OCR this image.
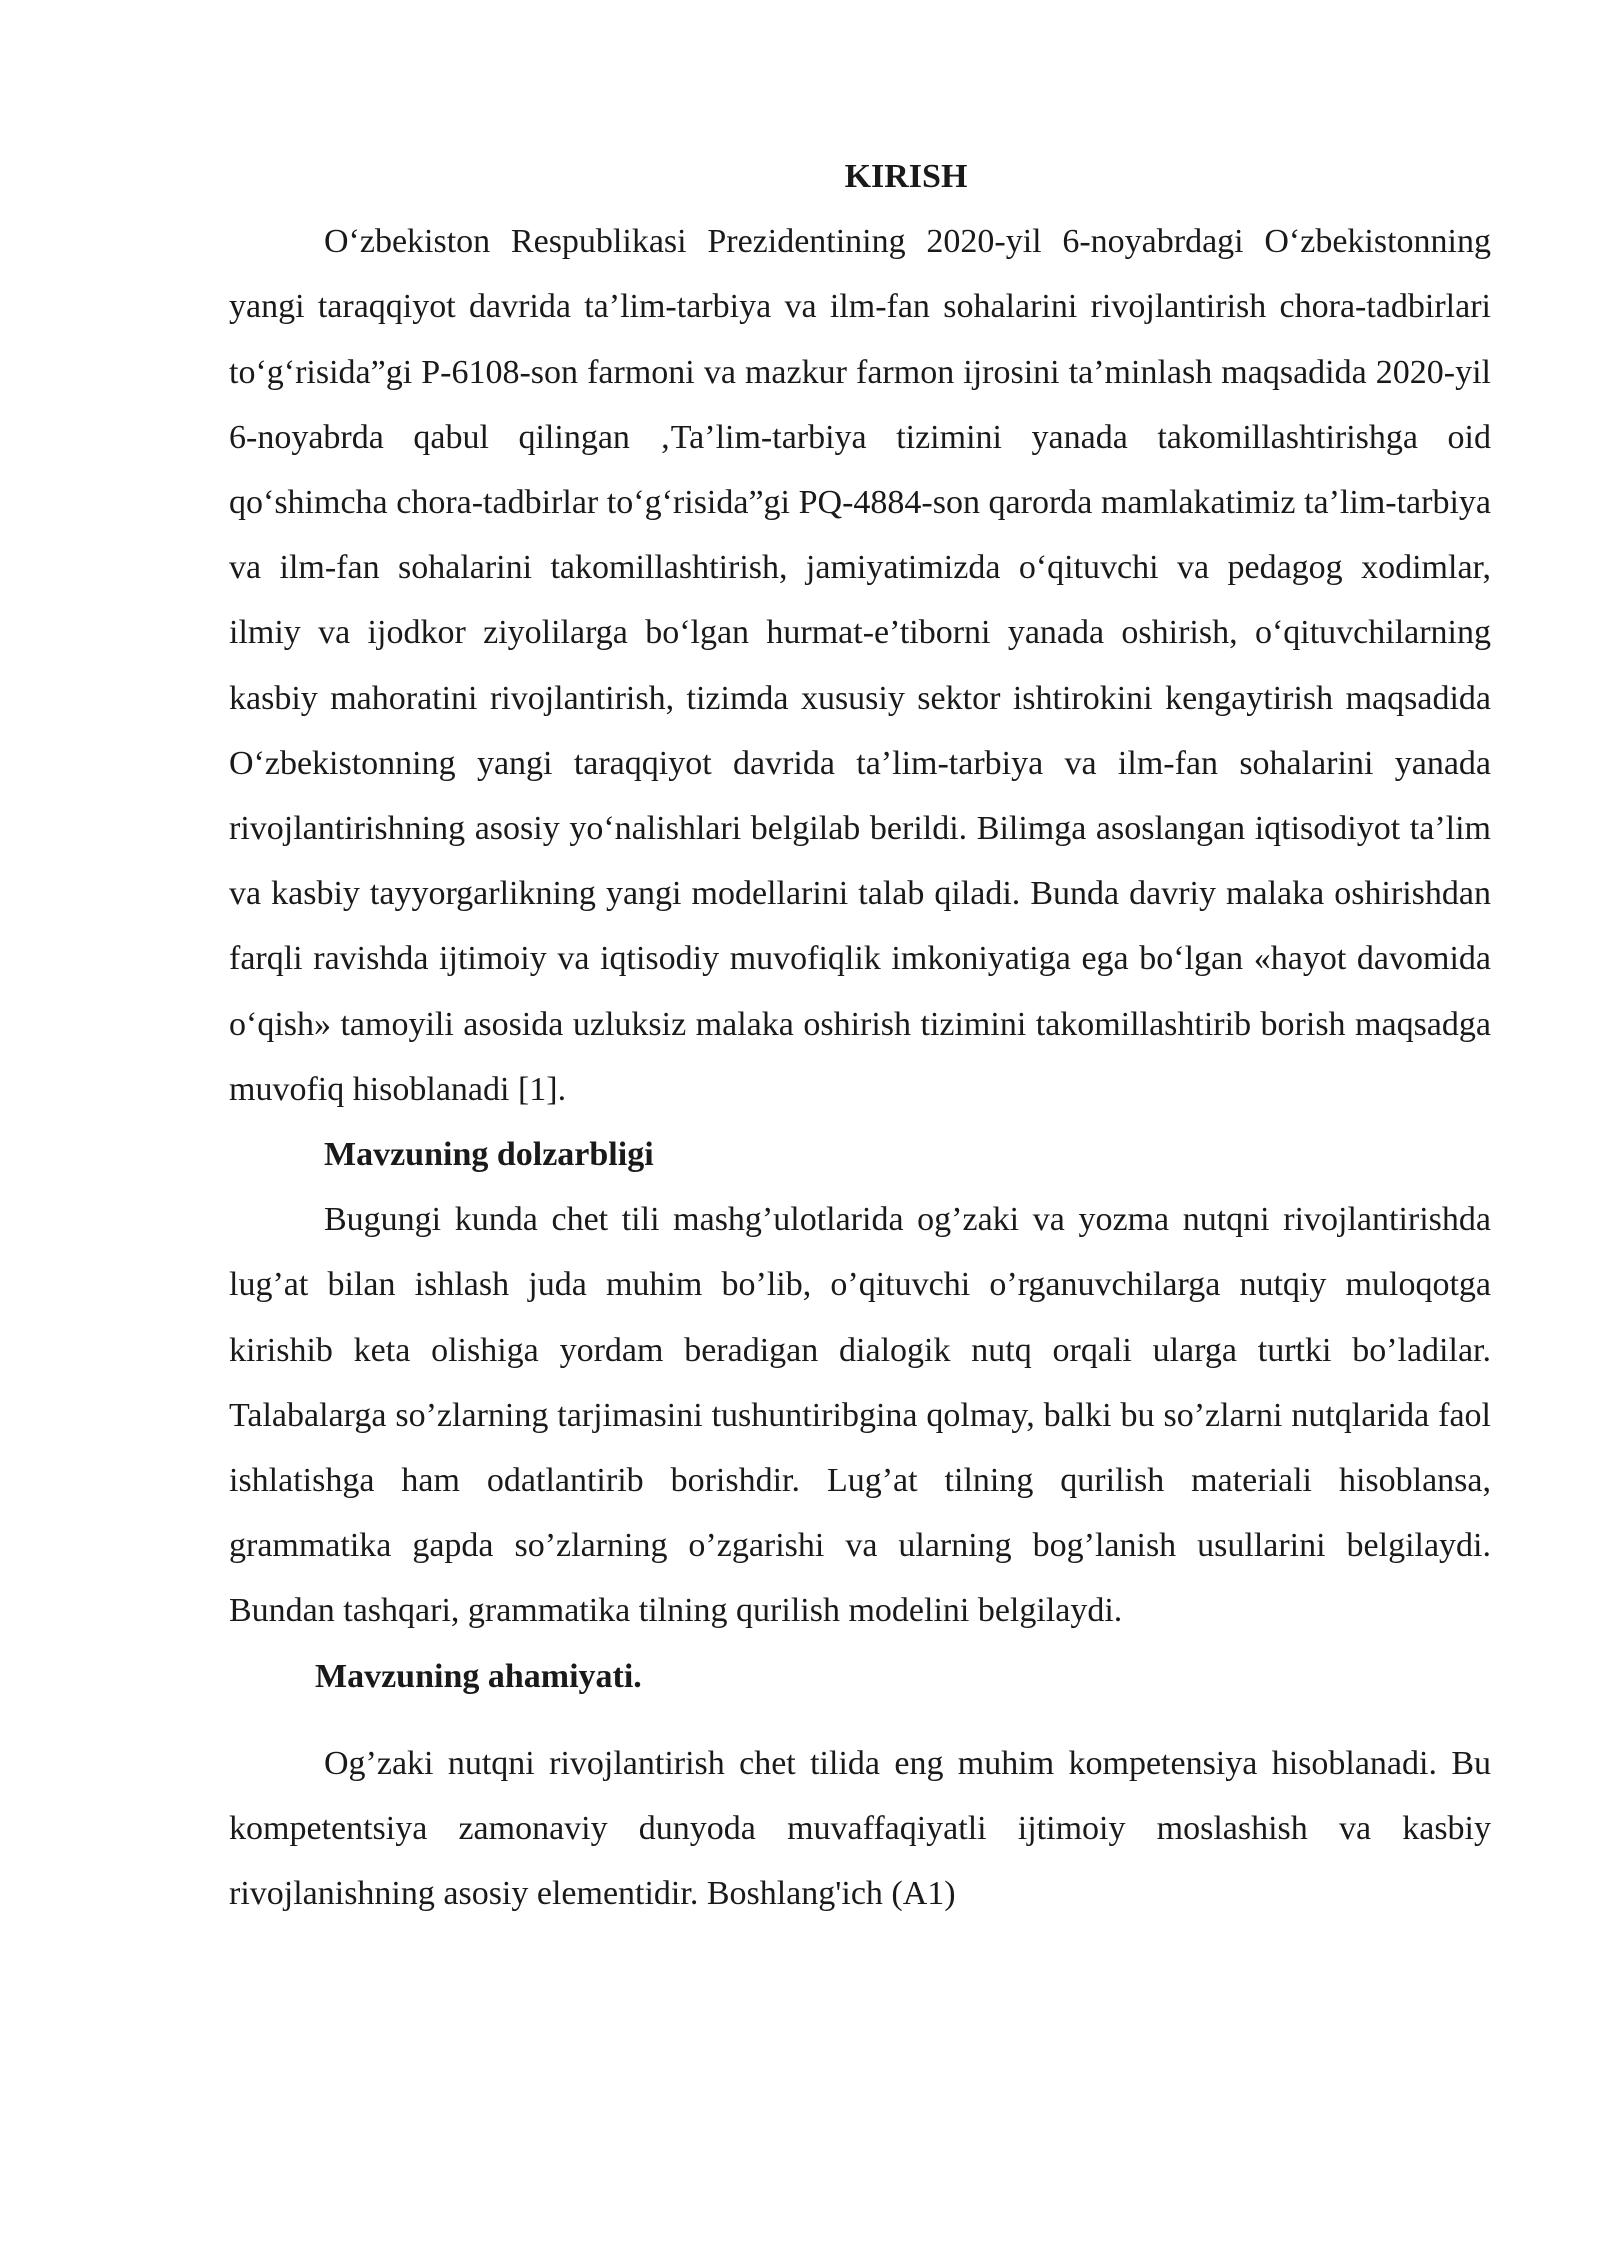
KIRISH

O‘zbekiston Respublikasi Prezidentining 2020-yil 6-noyabrdagi O‘zbekistonning yangi taraqqiyot davrida ta’lim-tarbiya va ilm-fan sohalarini rivojlantirish chora-tadbirlari to‘g‘risida”gi P-6108-son farmoni va mazkur farmon ijrosini ta’minlash maqsadida 2020-yil 6-noyabrda qabul qilingan ‚Ta’lim-tarbiya tizimini yanada takomillashtirishga oid qo‘shimcha chora-tadbirlar to‘g‘risida”gi PQ-4884-son qarorda mamlakatimiz ta’lim-tarbiya va ilm-fan sohalarini takomillashtirish, jamiyatimizda o‘qituvchi va pedagog xodimlar, ilmiy va ijodkor ziyolilarga bo‘lgan hurmat-e’tiborni yanada oshirish, o‘qituvchilarning kasbiy mahoratini rivojlantirish, tizimda xususiy sektor ishtirokini kengaytirish maqsadida O‘zbekistonning yangi taraqqiyot davrida ta’lim-tarbiya va ilm-fan sohalarini yanada rivojlantirishning asosiy yo‘nalishlari belgilab berildi. Bilimga asoslangan iqtisodiyot ta’lim va kasbiy tayyorgarlikning yangi modellarini talab qiladi. Bunda davriy malaka oshirishdan farqli ravishda ijtimoiy va iqtisodiy muvofiqlik imkoniyatiga ega bo‘lgan «hayot davomida o‘qish» tamoyili asosida uzluksiz malaka oshirish tizimini takomillashtirib borish maqsadga muvofiq hisoblanadi [1].

Mavzuning dolzarbligi

Bugungi kunda chet tili mashg’ulotlarida og’zaki va yozma nutqni rivojlantirishda lug’at bilan ishlash juda muhim bo’lib, o’qituvchi o’rganuvchilarga nutqiy muloqotga kirishib keta olishiga yordam beradigan dialogik nutq orqali ularga turtki bo’ladilar. Talabalarga so’zlarning tarjimasini tushuntiribgina qolmay, balki bu so’zlarni nutqlarida faol ishlatishga ham odatlantirib borishdir. Lug’at tilning qurilish materiali hisoblansa, grammatika gapda so’zlarning o’zgarishi va ularning bog’lanish usullarini belgilaydi. Bundan tashqari, grammatika tilning qurilish modelini belgilaydi.

Mavzuning ahamiyati.

Og’zaki nutqni rivojlantirish chet tilida eng muhim kompetensiya hisoblanadi. Bu kompetentsiya zamonaviy dunyoda muvaffaqiyatli ijtimoiy moslashish va kasbiy rivojlanishning asosiy elementidir. Boshlang'ich (A1)
